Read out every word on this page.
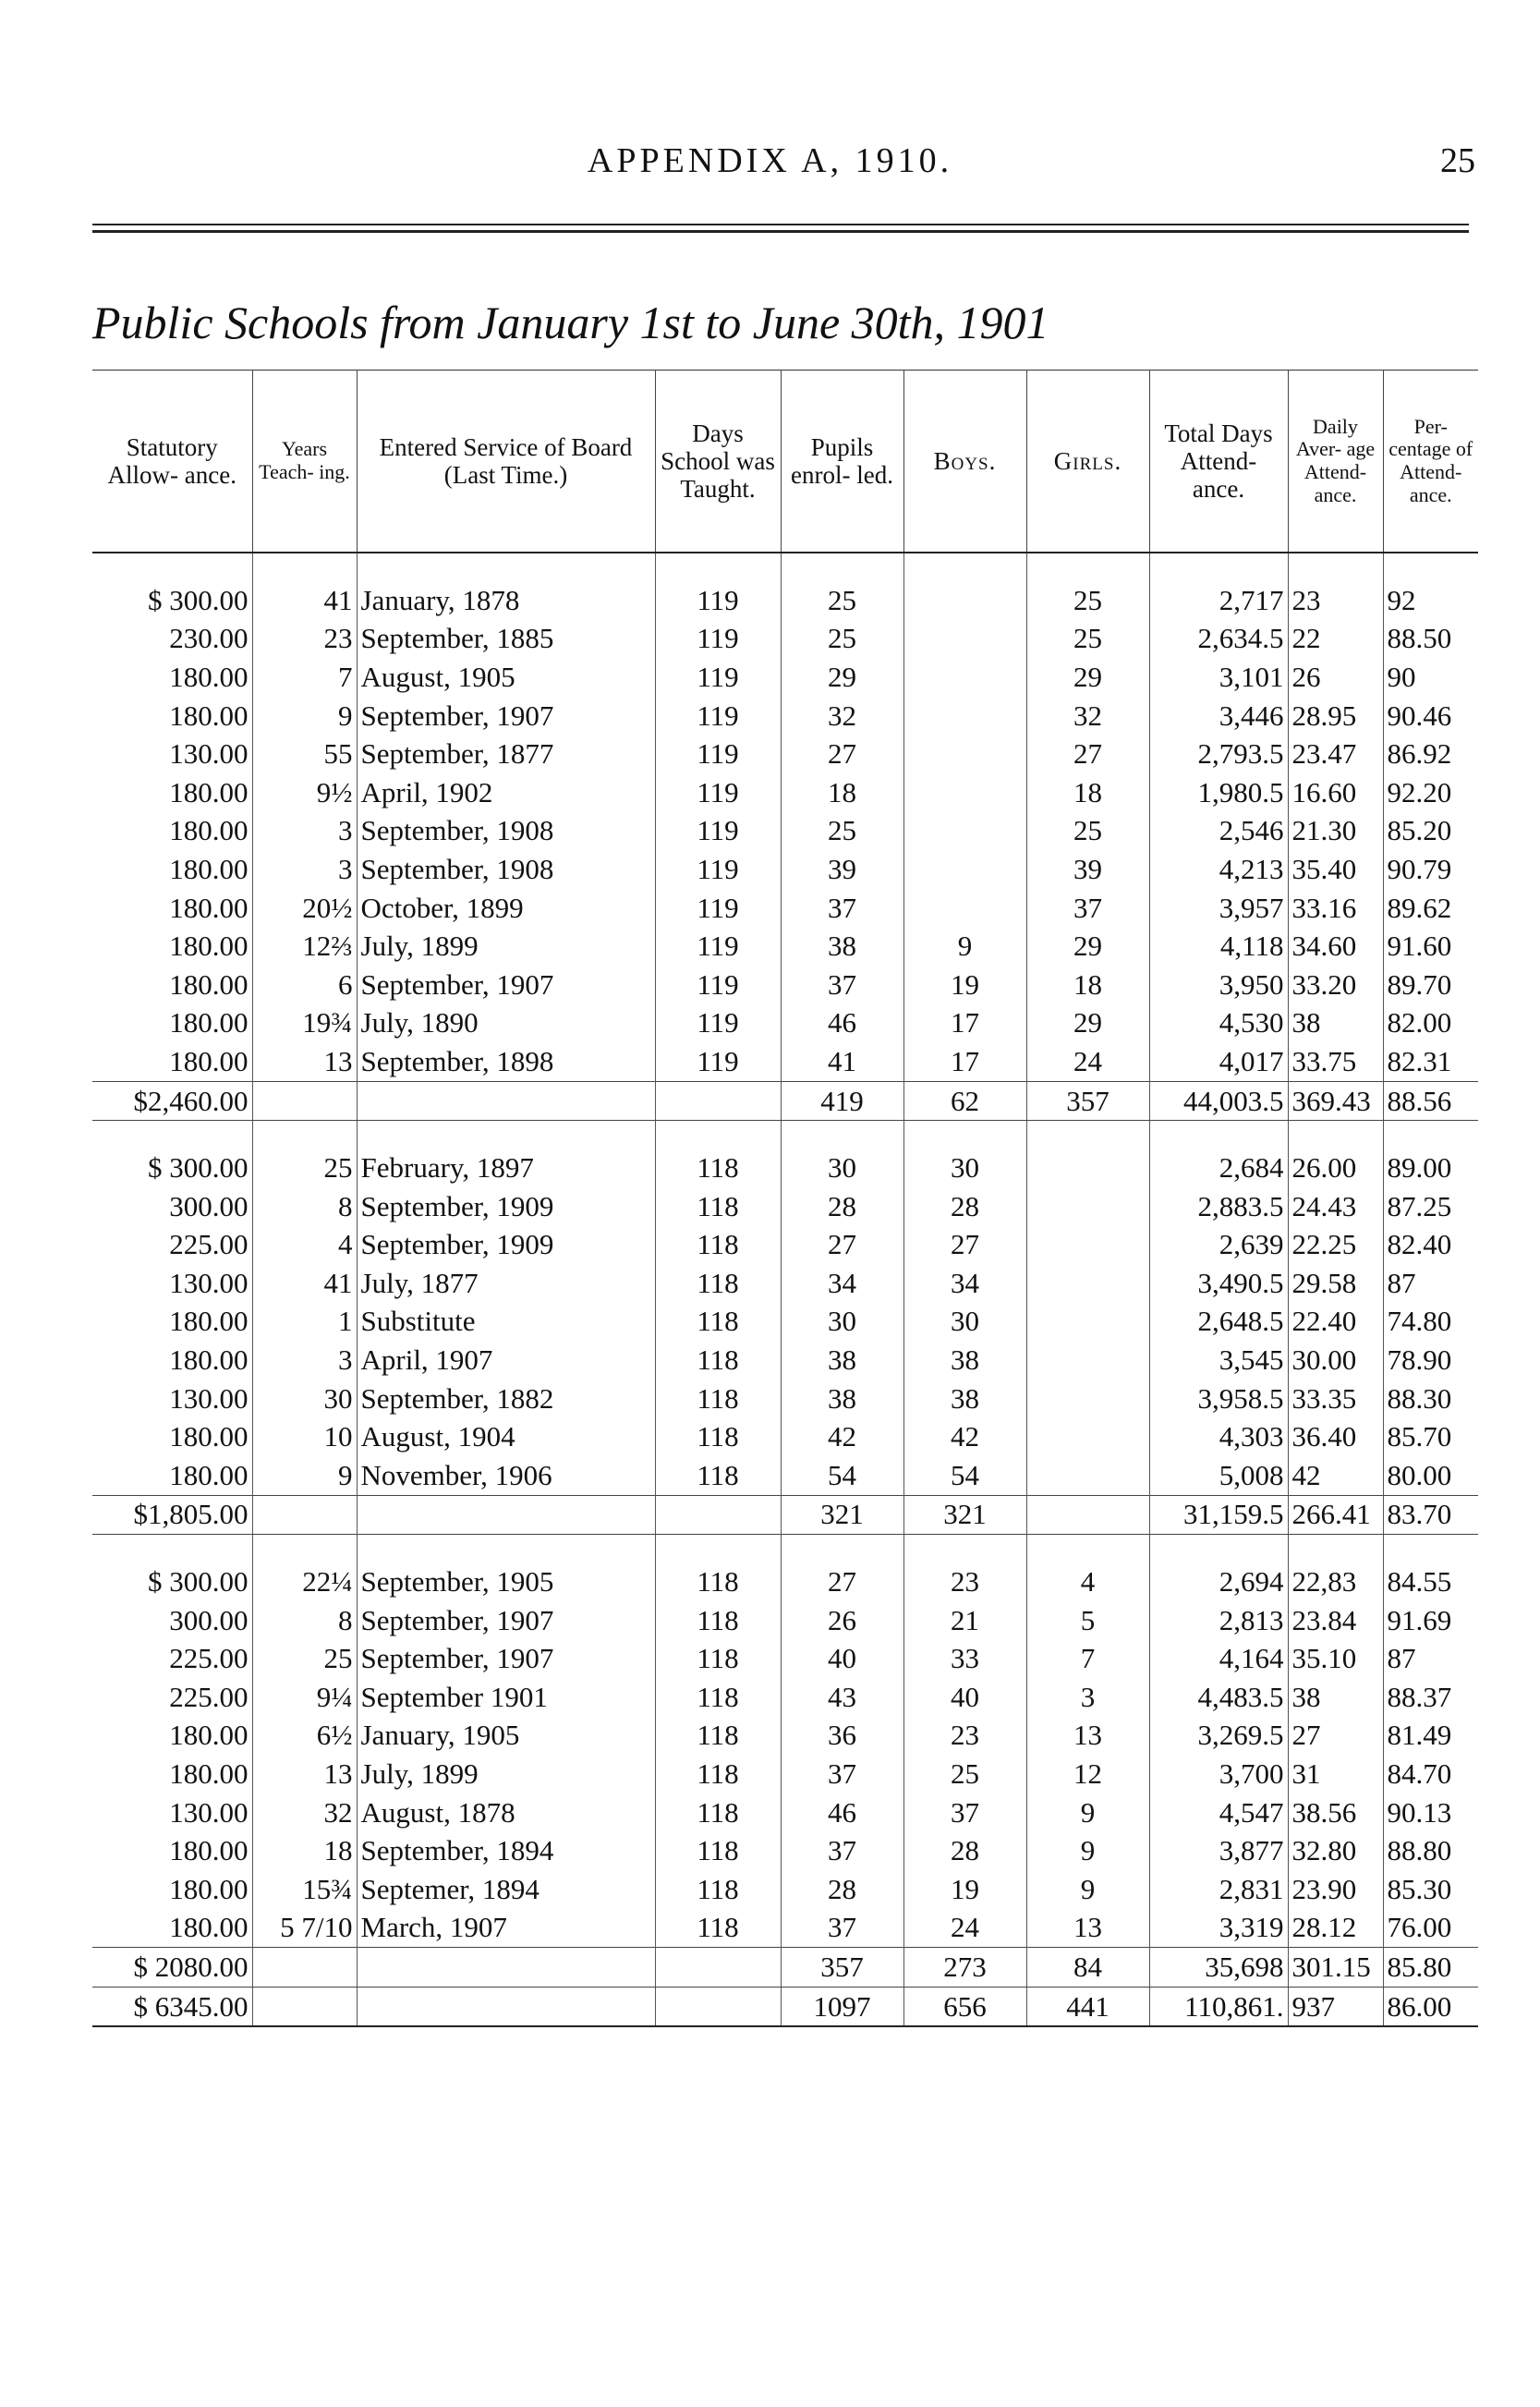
APPENDIX A, 1910.	25
Public Schools from January 1st to June 30th, 1901
Statutory Allow- ance.	Years Teach- ing.	Entered Service of Board (Last Time.)	Days School was Taught.	Pupils enrol- led.	Boys.	Girls.	Total Days Attend- ance.	Daily Aver- age Attend- ance.	Per- centage of Attend- ance.

$ 300.00	41	January, 1878	119	25		25	2,717	23	92
230.00	23	September, 1885	119	25		25	2,634.5	22	88.50
180.00	7	August, 1905	119	29		29	3,101	26	90
180.00	9	September, 1907	119	32		32	3,446	28.95	90.46
130.00	55	September, 1877	119	27		27	2,793.5	23.47	86.92
180.00	9½	April, 1902	119	18		18	1,980.5	16.60	92.20
180.00	3	September, 1908	119	25		25	2,546	21.30	85.20
180.00	3	September, 1908	119	39		39	4,213	35.40	90.79
180.00	20½	October, 1899	119	37		37	3,957	33.16	89.62
180.00	12⅔	July, 1899	119	38	9	29	4,118	34.60	91.60
180.00	6	September, 1907	119	37	19	18	3,950	33.20	89.70
180.00	19¾	July, 1890	119	46	17	29	4,530	38	82.00
180.00	13	September, 1898	119	41	17	24	4,017	33.75	82.31
$2,460.00				419	62	357	44,003.5	369.43	88.56

$ 300.00	25	February, 1897	118	30	30		2,684	26.00	89.00
300.00	8	September, 1909	118	28	28		2,883.5	24.43	87.25
225.00	4	September, 1909	118	27	27		2,639	22.25	82.40
130.00	41	July, 1877	118	34	34		3,490.5	29.58	87
180.00	1	Substitute	118	30	30		2,648.5	22.40	74.80
180.00	3	April, 1907	118	38	38		3,545	30.00	78.90
130.00	30	September, 1882	118	38	38		3,958.5	33.35	88.30
180.00	10	August, 1904	118	42	42		4,303	36.40	85.70
180.00	9	November, 1906	118	54	54		5,008	42	80.00
$1,805.00				321	321		31,159.5	266.41	83.70

$ 300.00	22¼	September, 1905	118	27	23	4	2,694	22,83	84.55
300.00	8	September, 1907	118	26	21	5	2,813	23.84	91.69
225.00	25	September, 1907	118	40	33	7	4,164	35.10	87
225.00	9¼	September 1901	118	43	40	3	4,483.5	38	88.37
180.00	6½	January, 1905	118	36	23	13	3,269.5	27	81.49
180.00	13	July, 1899	118	37	25	12	3,700	31	84.70
130.00	32	August, 1878	118	46	37	9	4,547	38.56	90.13
180.00	18	September, 1894	118	37	28	9	3,877	32.80	88.80
180.00	15¾	Septemer, 1894	118	28	19	9	2,831	23.90	85.30
180.00	5 7/10	March, 1907	118	37	24	13	3,319	28.12	76.00
$ 2080.00				357	273	84	35,698	301.15	85.80
$ 6345.00				1097	656	441	110,861.	937	86.00
